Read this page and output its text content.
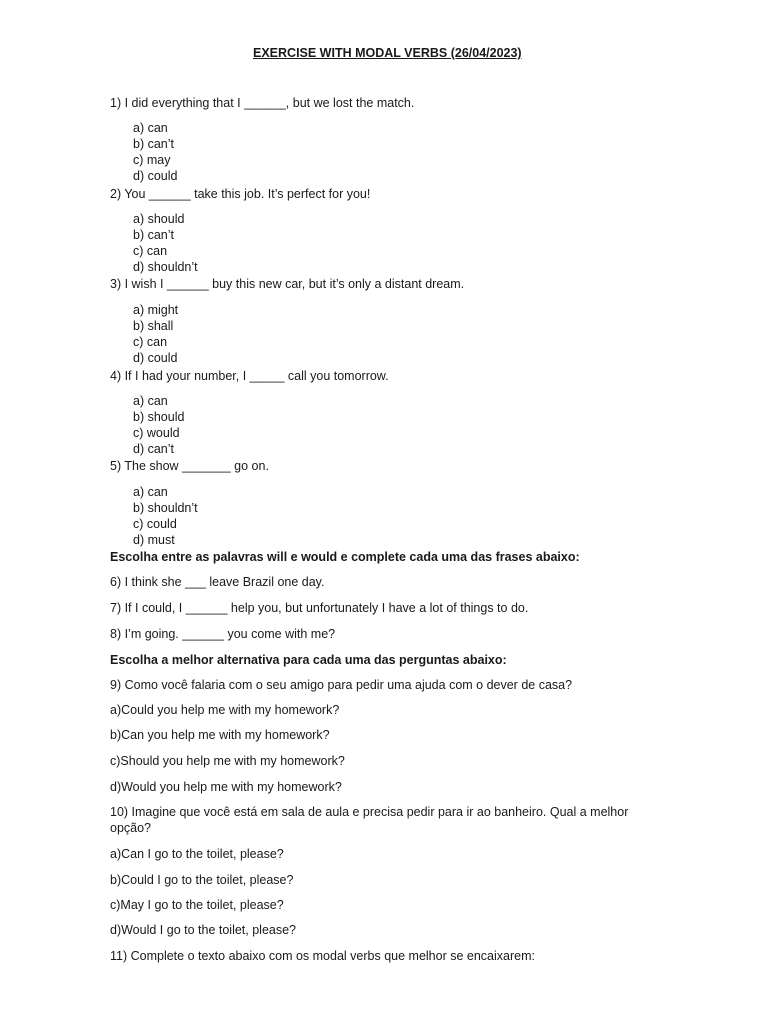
EXERCISE WITH MODAL VERBS (26/04/2023)
1) I did everything that I ______, but we lost the match.
a) can
b) can’t
c) may
d) could
2) You ______ take this job. It’s perfect for you!
a) should
b) can’t
c) can
d) shouldn’t
3) I wish I ______ buy this new car, but it’s only a distant dream.
a) might
b) shall
c) can
d) could
4) If I had your number, I _____ call you tomorrow.
a) can
b) should
c) would
d) can’t
5) The show _______ go on.
a) can
b) shouldn’t
c) could
d) must
Escolha entre as palavras will e would e complete cada uma das frases abaixo:
6) I think she ___ leave Brazil one day.
7) If I could, I ______ help you, but unfortunately I have a lot of things to do.
8) I’m going. ______ you come with me?
Escolha a melhor alternativa para cada uma das perguntas abaixo:
9) Como você falaria com o seu amigo para pedir uma ajuda com o dever de casa?
a)Could you help me with my homework?
b)Can you help me with my homework?
c)Should you help me with my homework?
d)Would you help me with my homework?
10) Imagine que você está em sala de aula e precisa pedir para ir ao banheiro. Qual a melhor
opção?
a)Can I go to the toilet, please?
b)Could I go to the toilet, please?
c)May I go to the toilet, please?
d)Would I go to the toilet, please?
11) Complete o texto abaixo com os modal verbs que melhor se encaixarem:
